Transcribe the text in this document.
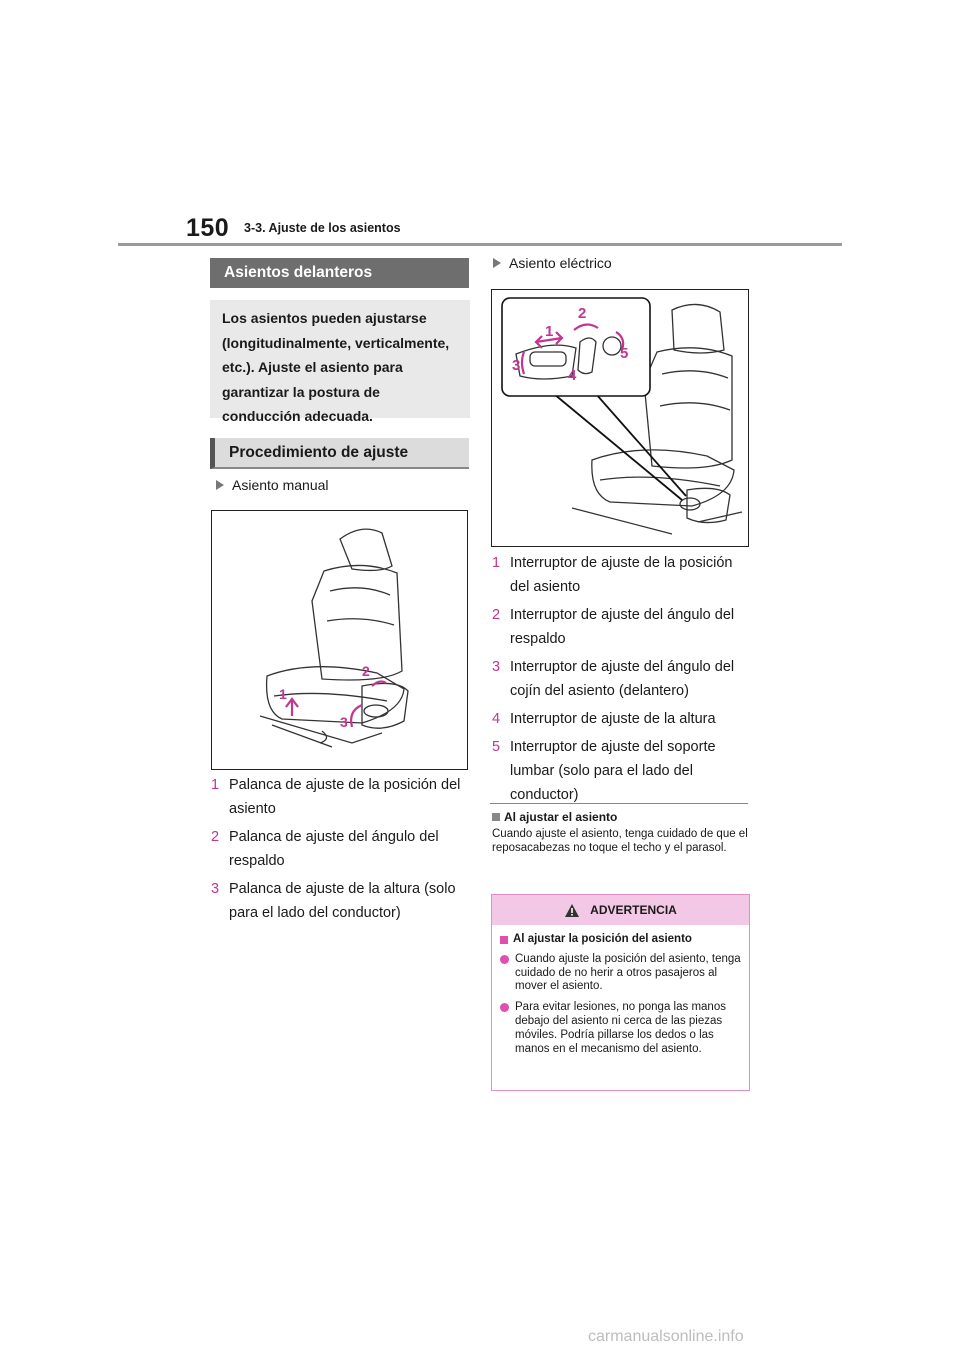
150 3-3. Ajuste de los asientos
Asientos delanteros
Los asientos pueden ajustarse (longitudinalmente, verticalmente, etc.). Ajuste el asiento para garantizar la postura de conducción adecuada.
Procedimiento de ajuste
Asiento manual
1
2
3
1 Palanca de ajuste de la posición del asiento
2 Palanca de ajuste del ángulo del respaldo
3 Palanca de ajuste de la altura (solo para el lado del conductor)
Asiento eléctrico
1
2
3
4
5
1 Interruptor de ajuste de la posición del asiento
2 Interruptor de ajuste del ángulo del respaldo
3 Interruptor de ajuste del ángulo del cojín del asiento (delantero)
4 Interruptor de ajuste de la altura
5 Interruptor de ajuste del soporte lumbar (solo para el lado del conductor)
Al ajustar el asiento
Cuando ajuste el asiento, tenga cuidado de que el reposacabezas no toque el techo y el parasol.
ADVERTENCIA
Al ajustar la posición del asiento
Cuando ajuste la posición del asiento, tenga cuidado de no herir a otros pasajeros al mover el asiento.
Para evitar lesiones, no ponga las manos debajo del asiento ni cerca de las piezas móviles. Podría pillarse los dedos o las manos en el mecanismo del asiento.
carmanualsonline.info
